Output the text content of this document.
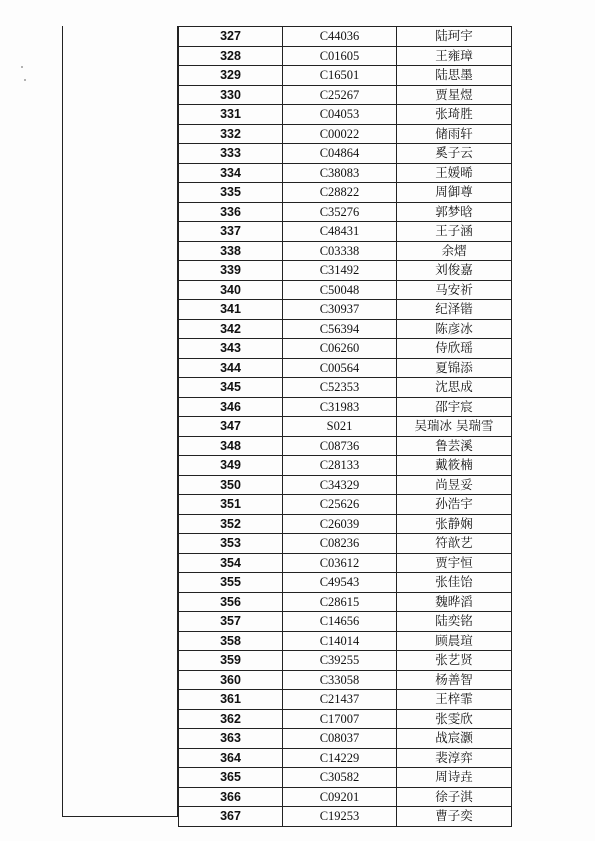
327	C44036	陆珂宇
328	C01605	王雍璋
329	C16501	陆思墨
330	C25267	贾星煜
331	C04053	张琦胜
332	C00022	储雨轩
333	C04864	奚子云
334	C38083	王媛晞
335	C28822	周御尊
336	C35276	郭梦晗
337	C48431	王子涵
338	C03338	余熠
339	C31492	刘俊嘉
340	C50048	马安祈
341	C30937	纪泽锴
342	C56394	陈彦冰
343	C06260	侍欣瑶
344	C00564	夏锦添
345	C52353	沈思成
346	C31983	邵宇宸
347	S021	吴瑞冰 吴瑞雪
348	C08736	鲁芸溪
349	C28133	戴筱楠
350	C34329	尚昱妥
351	C25626	孙浩宇
352	C26039	张静娴
353	C08236	符歆艺
354	C03612	贾宇恒
355	C49543	张佳饴
356	C28615	魏晔滔
357	C14656	陆奕铭
358	C14014	顾晨瑄
359	C39255	张艺贤
360	C33058	杨善智
361	C21437	王梓霏
362	C17007	张雯欣
363	C08037	战宸灏
364	C14229	裴淳弈
365	C30582	周诗垚
366	C09201	徐子淇
367	C19253	曹子奕
